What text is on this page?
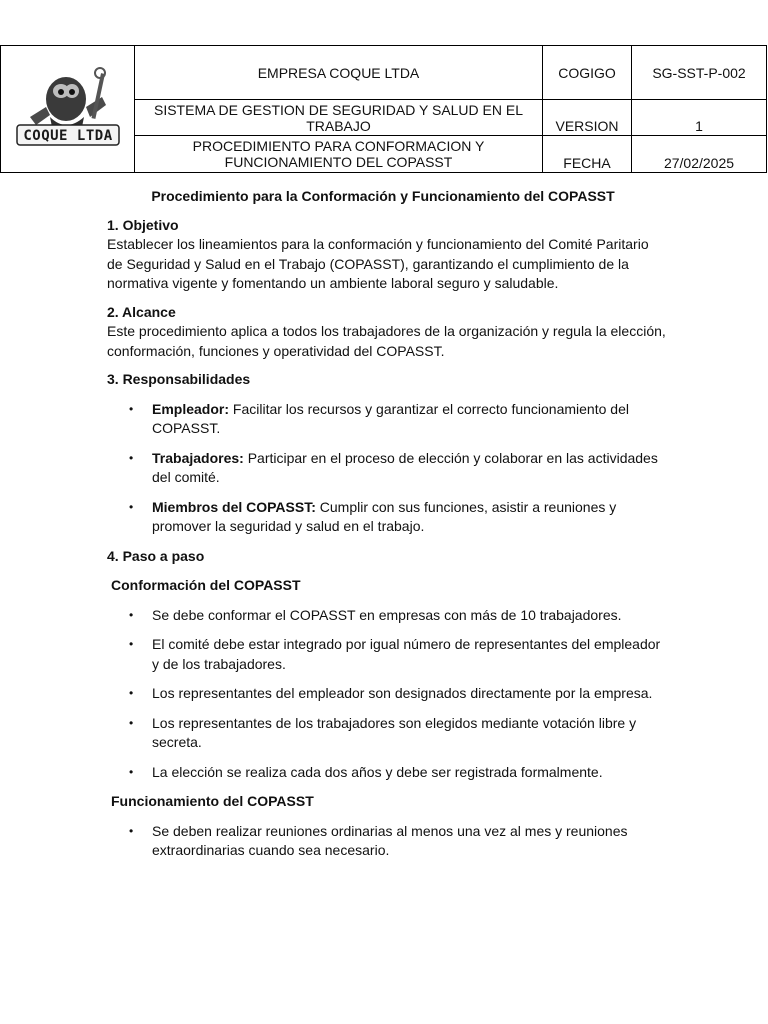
COQUE LTDA	EMPRESA COQUE LTDA	COGIGO	SG-SST-P-002
	SISTEMA DE GESTION DE SEGURIDAD Y SALUD EN EL TRABAJO	VERSION	1
	PROCEDIMIENTO PARA CONFORMACION Y FUNCIONAMIENTO DEL COPASST	FECHA	27/02/2025
Procedimiento para la Conformación y Funcionamiento del COPASST
1. Objetivo

Establecer los lineamientos para la conformación y funcionamiento del Comité Paritario de Seguridad y Salud en el Trabajo (COPASST), garantizando el cumplimiento de la normativa vigente y fomentando un ambiente laboral seguro y saludable.

2. Alcance

Este procedimiento aplica a todos los trabajadores de la organización y regula la elección, conformación, funciones y operatividad del COPASST.

3. Responsabilidades
• Empleador: Facilitar los recursos y garantizar el correcto funcionamiento del COPASST.
• Trabajadores: Participar en el proceso de elección y colaborar en las actividades del comité.
• Miembros del COPASST: Cumplir con sus funciones, asistir a reuniones y promover la seguridad y salud en el trabajo.
4. Paso a paso
Conformación del COPASST
• Se debe conformar el COPASST en empresas con más de 10 trabajadores.
• El comité debe estar integrado por igual número de representantes del empleador y de los trabajadores.
• Los representantes del empleador son designados directamente por la empresa.
• Los representantes de los trabajadores son elegidos mediante votación libre y secreta.
• La elección se realiza cada dos años y debe ser registrada formalmente.
Funcionamiento del COPASST
• Se deben realizar reuniones ordinarias al menos una vez al mes y reuniones extraordinarias cuando sea necesario.
